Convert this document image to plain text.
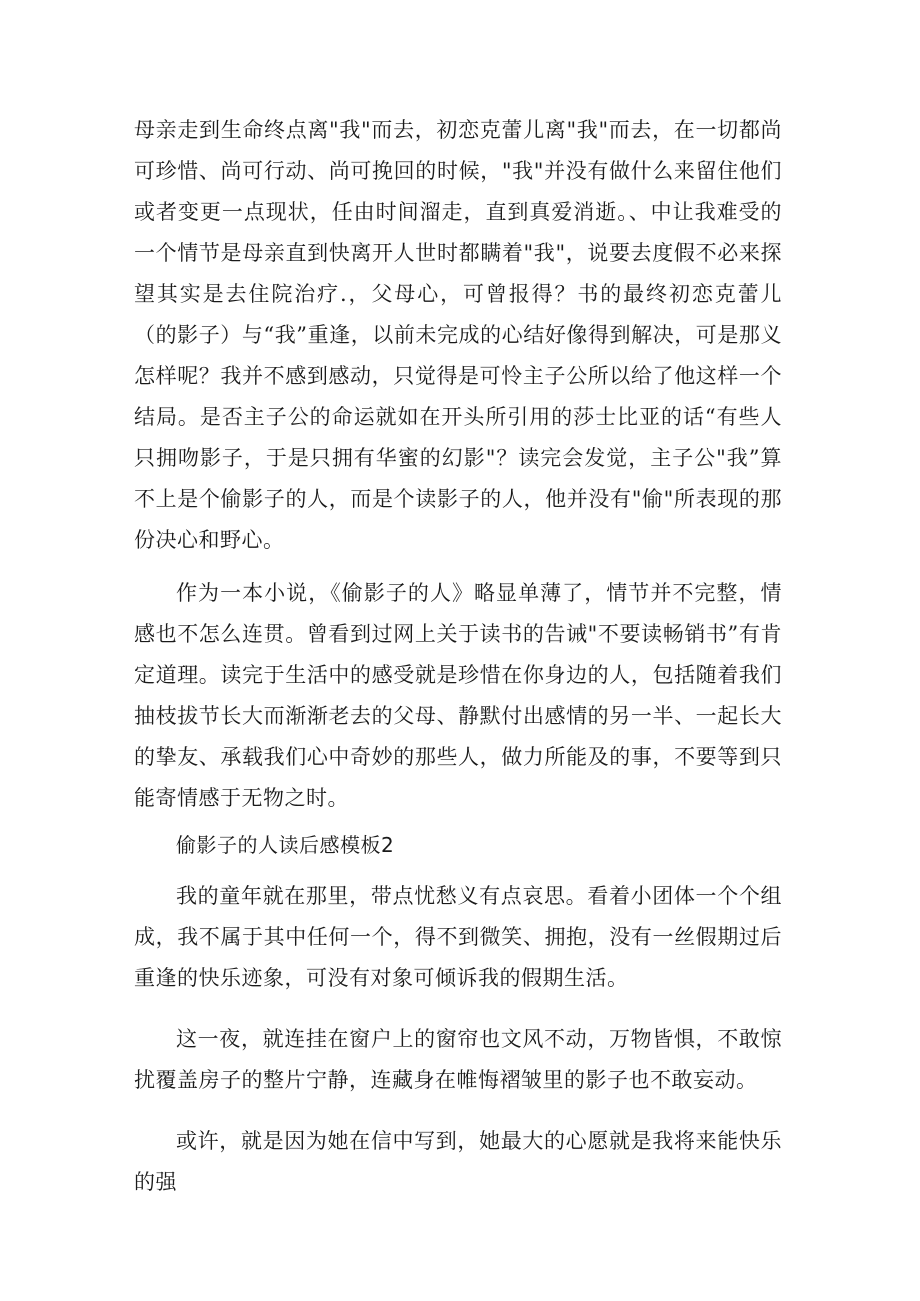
母亲走到生命终点离"我"而去，初恋克蕾儿离"我"而去，在一切都尚可珍惜、尚可行动、尚可挽回的时候，"我"并没有做什么来留住他们或者变更一点现状，任由时间溜走，直到真爱消逝。、中让我难受的一个情节是母亲直到快离开人世时都瞒着"我"，说要去度假不必来探望其实是去住院治疗.，父母心，可曾报得？书的最终初恋克蕾儿（的影子）与“我”重逢，以前未完成的心结好像得到解决，可是那义怎样呢？我并不感到感动，只觉得是可怜主子公所以给了他这样一个结局。是否主子公的命运就如在开头所引用的莎士比亚的话“有些人只拥吻影子，于是只拥有华蜜的幻影"？读完会发觉，主子公"我”算不上是个偷影子的人，而是个读影子的人，他并没有"偷"所表现的那份决心和野心。

作为一本小说，《偷影子的人》略显单薄了，情节并不完整，情感也不怎么连贯。曾看到过网上关于读书的告诫"不要读畅销书”有肯定道理。读完于生活中的感受就是珍惜在你身边的人，包括随着我们抽枝拔节长大而渐渐老去的父母、静默付出感情的另一半、一起长大的挚友、承载我们心中奇妙的那些人，做力所能及的事，不要等到只能寄情感于无物之时。

偷影子的人读后感模板2

我的童年就在那里，带点忧愁义有点哀思。看着小团体一个个组成，我不属于其中任何一个，得不到微笑、拥抱，没有一丝假期过后重逢的快乐迹象，可没有对象可倾诉我的假期生活。

这一夜，就连挂在窗户上的窗帘也文风不动，万物皆惧，不敢惊扰覆盖房子的整片宁静，连藏身在帷悔褶皱里的影子也不敢妄动。

或许，就是因为她在信中写到，她最大的心愿就是我将来能快乐的强
